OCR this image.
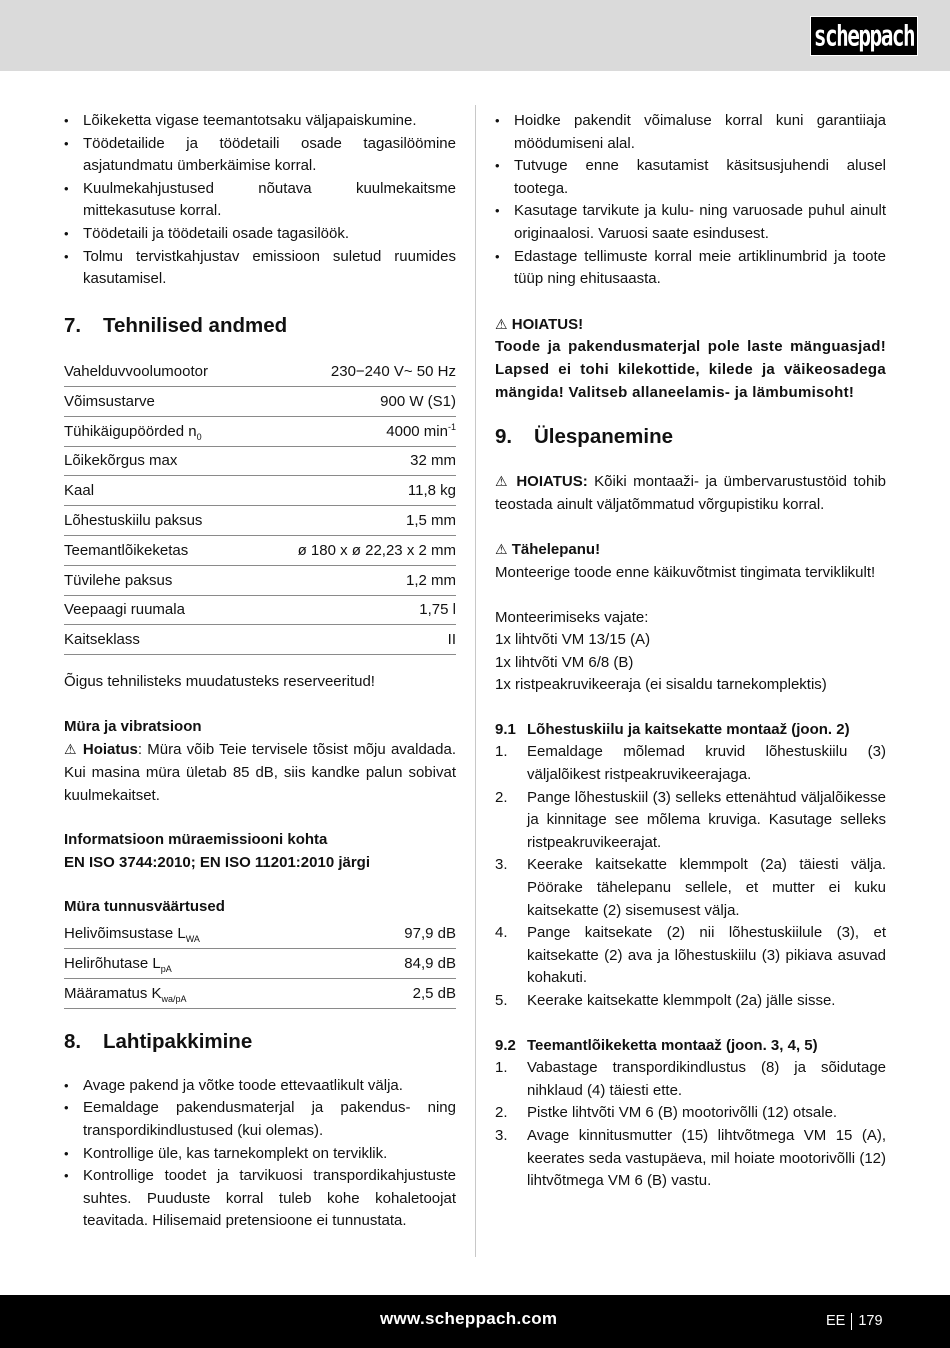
scheppach
• Lõikeketta vigase teemantotsaku väljapaiskumine.
• Töödetailide ja töödetaili osade tagasilöömine asjatundmatu ümberkäimise korral.
• Kuulmekahjustused nõutava kuulmekaitsme mittekasutuse korral.
• Töödetaili ja töödetaili osade tagasilöök.
• Tolmu tervistkahjustav emissioon suletud ruumides kasutamisel.
7.	Tehnilised andmed
Vahelduvvoolumootor	230−240 V~ 50 Hz
Võimsustarve	900 W (S1)
Tühikäigupöörded $n_0$	4000 $\min^{-1}$
Lõikekõrgus max	32 mm
Kaal	11,8 kg
Lõhestuskiilu paksus	1,5 mm
Teemantlõikeketas	ø 180 x ø 22,23 x 2 mm
Tüvilehe paksus	1,2 mm
Veepaagi ruumala	1,75 l
Kaitseklass	II

Õigus tehnilisteks muudatusteks reserveeritud!

Müra ja vibratsioon

⚠ Hoiatus: Müra võib Teie tervisele tõsist mõju avaldada. Kui masina müra ületab 85 dB, siis kandke palun sobivat kuulmekaitset.

Informatsioon müraemissiooni kohta

EN ISO 3744:2010; EN ISO 11201:2010 järgi

Müra tunnusväärtused

Helivõimsustase $L_{WA}$	97,9 dB
Helirõhutase $L_{pA}$	84,9 dB
Määramatus $K_{wa/pA}$	2,5 dB
8.	Lahtipakkimine
• Avage pakend ja võtke toode ettevaatlikult välja.
• Eemaldage pakendusmaterjal ja pakendus- ning transpordikindlustused (kui olemas).
• Kontrollige üle, kas tarnekomplekt on terviklik.
• Kontrollige toodet ja tarvikuosi transpordikahjustuste suhtes. Puuduste korral tuleb kohe kohaletoojat teavitada. Hilisemaid pretensioone ei tunnustata.
• Hoidke pakendit võimaluse korral kuni garantiiaja möödumiseni alal.
• Tutvuge enne kasutamist käsitsusjuhendi alusel tootega.
• Kasutage tarvikute ja kulu- ning varuosade puhul ainult originaalosi. Varuosi saate esindusest.
• Edastage tellimuste korral meie artiklinumbrid ja toote tüüp ning ehitusaasta.

⚠ HOIATUS!

Toode ja pakendusmaterjal pole laste mänguasjad! Lapsed ei tohi kilekottide, kilede ja väikeosadega mängida! Valitseb allaneelamis- ja lämbumisoht!

9.	Ülespanemine

⚠ HOIATUS: Kõiki montaaži- ja ümbervarustustöid tohib teostada ainult väljatõmmatud võrgupistiku korral.

⚠ Tähelepanu!

Monteerige toode enne käikuvõtmist tingimata terviklikult!

Monteerimiseks vajate:

1x lihtvõti VM 13/15 (A)

1x lihtvõti VM 6/8 (B)

1x ristpeakruvikeeraja (ei sisaldu tarnekomplektis)

9.1 Lõhestuskiilu ja kaitsekatte montaaž (joon. 2)
1.	Eemaldage mõlemad kruvid lõhestuskiilu (3) väljalõikest ristpeakruvikeerajaga.
2.	Pange lõhestuskiil (3) selleks ettenähtud väljalõikesse ja kinnitage see mõlema kruviga. Kasutage selleks ristpeakruvikeerajat.
3.	Keerake kaitsekatte klemmpolt (2a) täiesti välja. Pöörake tähelepanu sellele, et mutter ei kuku kaitsekatte (2) sisemusest välja.
4.	Pange kaitsekate (2) nii lõhestuskiilule (3), et kaitsekatte (2) ava ja lõhestuskiilu (3) pikiava asuvad kohakuti.
5.	Keerake kaitsekatte klemmpolt (2a) jälle sisse.
9.2 Teemantlõikeketta montaaž (joon. 3, 4, 5)
1.	Vabastage transpordikindlustus (8) ja sõidutage nihklaud (4) täiesti ette.
2.	Pistke lihtvõti VM 6 (B) mootorivõlli (12) otsale.
3.	Avage kinnitusmutter (15) lihtvõtmega VM 15 (A), keerates seda vastupäeva, mil hoiate mootorivõlli (12) lihtvõtmega VM 6 (B) vastu.
www.scheppach.com	EE 179
